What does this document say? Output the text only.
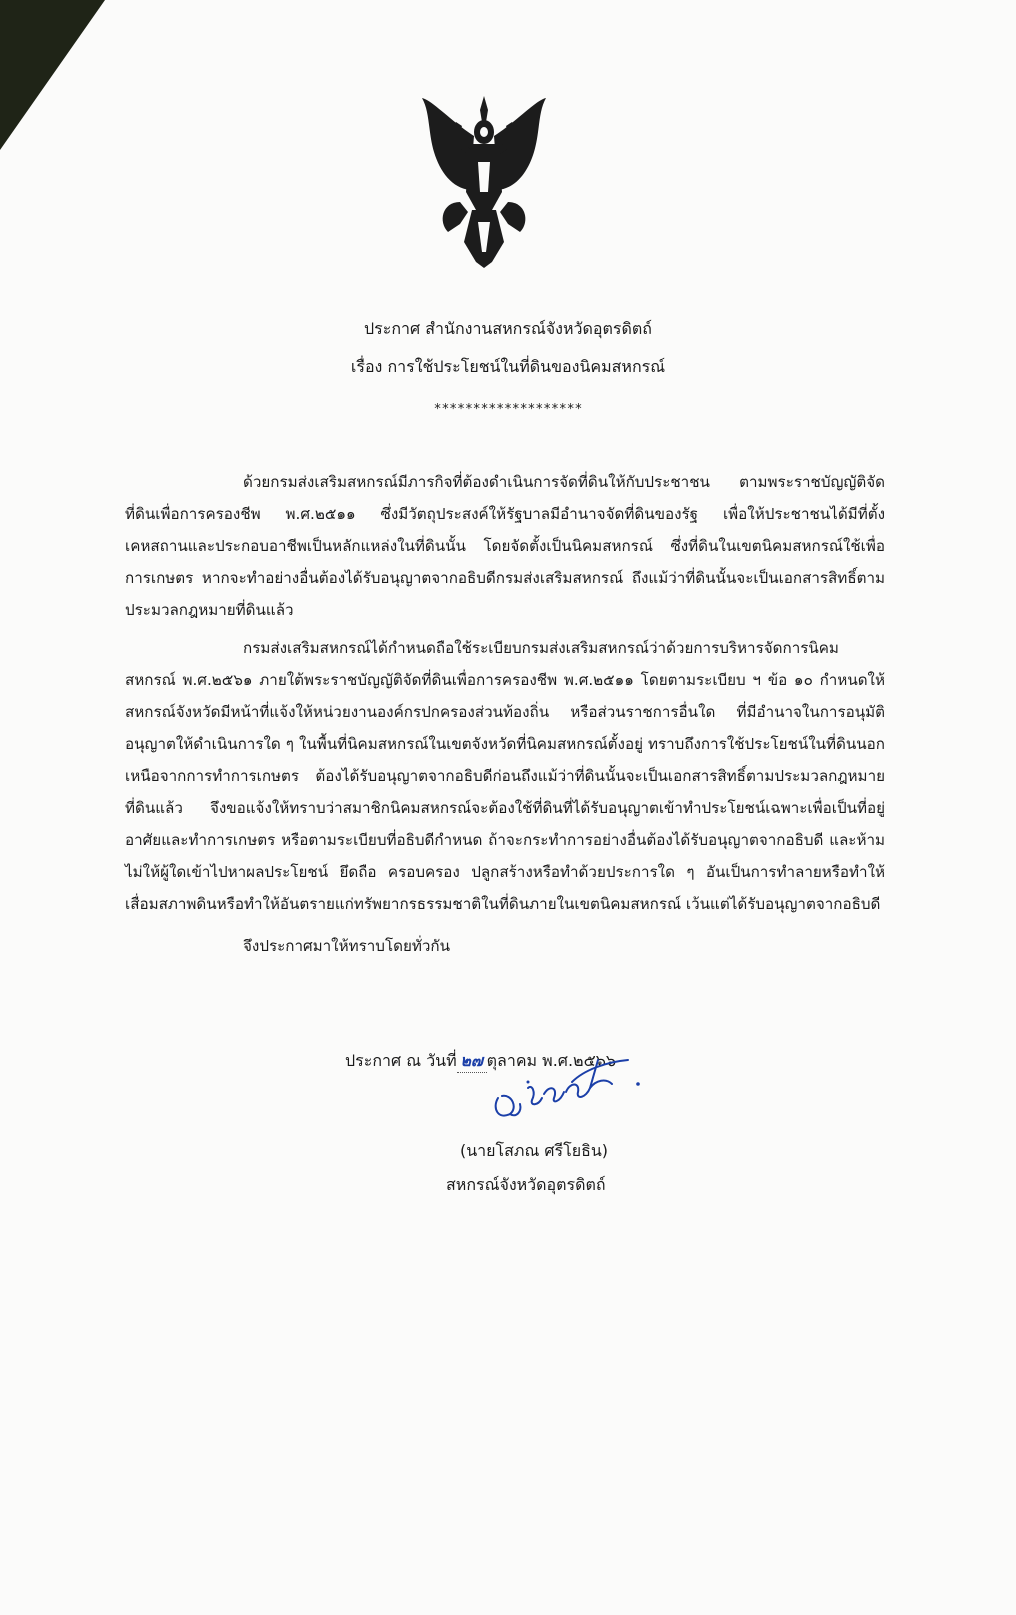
ประกาศ สำนักงานสหกรณ์จังหวัดอุตรดิตถ์
เรื่อง การใช้ประโยชน์ในที่ดินของนิคมสหกรณ์
*******************

ด้วยกรมส่งเสริมสหกรณ์มีภารกิจที่ต้องดำเนินการจัดที่ดินให้กับประชาชน ตามพระราชบัญญัติจัดที่ดินเพื่อการครองชีพ พ.ศ.๒๕๑๑ ซึ่งมีวัตถุประสงค์ให้รัฐบาลมีอำนาจจัดที่ดินของรัฐ เพื่อให้ประชาชนได้มีที่ตั้งเคหสถานและประกอบอาชีพเป็นหลักแหล่งในที่ดินนั้น โดยจัดตั้งเป็นนิคมสหกรณ์ ซึ่งที่ดินในเขตนิคมสหกรณ์ใช้เพื่อการเกษตร หากจะทำอย่างอื่นต้องได้รับอนุญาตจากอธิบดีกรมส่งเสริมสหกรณ์ ถึงแม้ว่าที่ดินนั้นจะเป็นเอกสารสิทธิ์ตามประมวลกฎหมายที่ดินแล้ว

กรมส่งเสริมสหกรณ์ได้กำหนดถือใช้ระเบียบกรมส่งเสริมสหกรณ์ว่าด้วยการบริหารจัดการนิคมสหกรณ์ พ.ศ.๒๕๖๑ ภายใต้พระราชบัญญัติจัดที่ดินเพื่อการครองชีพ พ.ศ.๒๕๑๑ โดยตามระเบียบ ฯ ข้อ ๑๐ กำหนดให้สหกรณ์จังหวัดมีหน้าที่แจ้งให้หน่วยงานองค์กรปกครองส่วนท้องถิ่น หรือส่วนราชการอื่นใด ที่มีอำนาจในการอนุมัติ อนุญาตให้ดำเนินการใด ๆ ในพื้นที่นิคมสหกรณ์ในเขตจังหวัดที่นิคมสหกรณ์ตั้งอยู่ ทราบถึงการใช้ประโยชน์ในที่ดินนอกเหนือจากการทำการเกษตร ต้องได้รับอนุญาตจากอธิบดีก่อนถึงแม้ว่าที่ดินนั้นจะเป็นเอกสารสิทธิ์ตามประมวลกฎหมายที่ดินแล้ว จึงขอแจ้งให้ทราบว่าสมาชิกนิคมสหกรณ์จะต้องใช้ที่ดินที่ได้รับอนุญาตเข้าทำประโยชน์เฉพาะเพื่อเป็นที่อยู่อาศัยและทำการเกษตร หรือตามระเบียบที่อธิบดีกำหนด ถ้าจะกระทำการอย่างอื่นต้องได้รับอนุญาตจากอธิบดี และห้ามไม่ให้ผู้ใดเข้าไปหาผลประโยชน์ ยึดถือ ครอบครอง ปลูกสร้างหรือทำด้วยประการใด ๆ อันเป็นการทำลายหรือทำให้เสื่อมสภาพดินหรือทำให้อันตรายแก่ทรัพยากรธรรมชาติในที่ดินภายในเขตนิคมสหกรณ์ เว้นแต่ได้รับอนุญาตจากอธิบดี

จึงประกาศมาให้ทราบโดยทั่วกัน

ประกาศ ณ วันที่ ๒๗ ตุลาคม พ.ศ.๒๕๖๖
(นายโสภณ ศรีโยธิน)
สหกรณ์จังหวัดอุตรดิตถ์
